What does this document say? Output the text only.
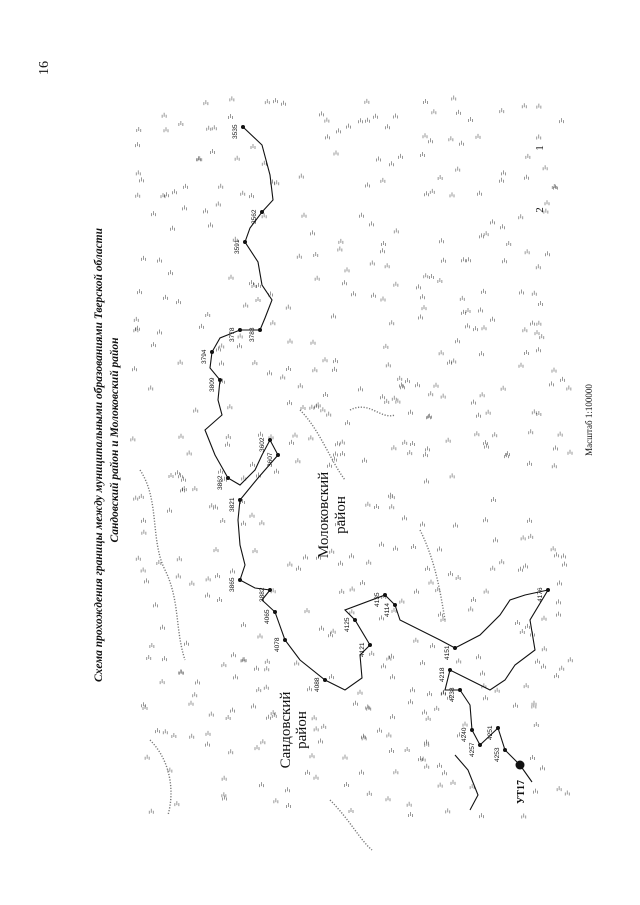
3535
3562
3591
3783
3778
3794
3809
3602
3607
3821
3862
3865
3882
4065
4078
4088
4125
4121
4114
4135
4151
4176
4218
4238
4240	4251
4253
4257
16
Схема прохождения границы между муниципальными образованиями Тверской области Сандовский район и Молоковский район
Сандовский район
Молоковский район
Масштаб 1:100000
1
2
УТ17
